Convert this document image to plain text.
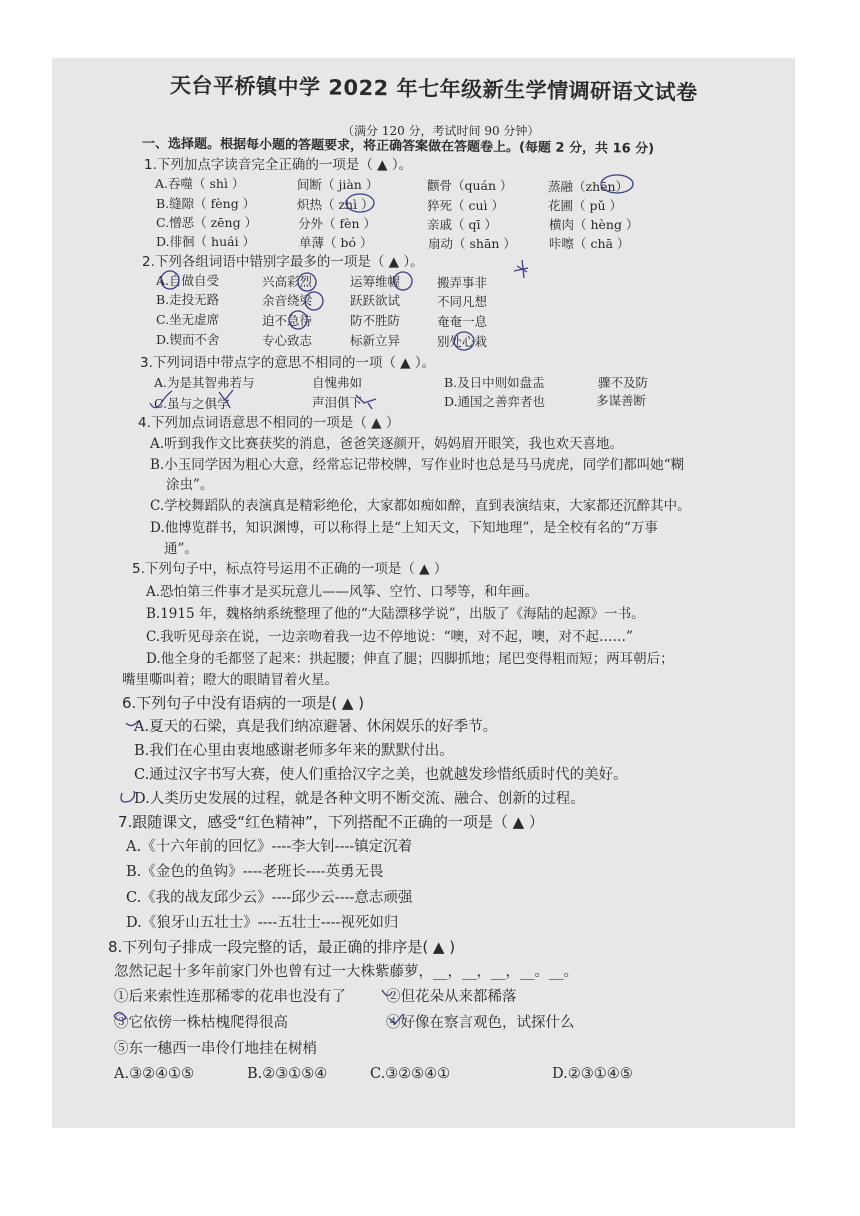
天台平桥镇中学 2022 年七年级新生学情调研语文试卷
（满分 120 分，考试时间 90 分钟）
一、选择题。根据每小题的答题要求，将正确答案做在答题卷上。(每题 2 分，共 16 分)
1.下列加点字读音完全正确的一项是（ ▲ ）。
A.吞噬（ shì ）	间断（ jiàn ）	颧骨（quán ）	蒸融（zhēn）
B.缝隙（ fèng ）	炽热（ zhì ）	猝死（ cuì ）	花圃（ pǔ ）
C.憎恶（ zēng ）	分外（ fèn ）	亲戚（ qī ）	横肉（ hèng ）
D.徘徊（ huái ）	单薄（ bó ）	扇动（ shān ）	咔嚓（ chā ）
2.下列各组词语中错别字最多的一项是（ ▲ ）。
A.自做自受	兴高彩烈	运筹维幄	搬弄事非
B.走投无路	余音绕梁	跃跃欲试	不同凡想
C.坐无虚席	迫不急待	防不胜防	奄奄一息
D.锲而不舍	专心致志	标新立异	别处心栽
3.下列词语中带点字的意思不相同的一项（ ▲ ）。
A.为是其智弗若与	自愧弗如	B.及日中则如盘盂	骤不及防
C.虽与之俱学	声泪俱下	D.通国之善弈者也	多谋善断
4.下列加点词语意思不相同的一项是（ ▲ ）
A.听到我作文比赛获奖的消息，爸爸笑逐颜开，妈妈眉开眼笑，我也欢天喜地。
B.小玉同学因为粗心大意，经常忘记带校牌，写作业时也总是马马虎虎，同学们都叫她“糊
涂虫”。
C.学校舞蹈队的表演真是精彩绝伦，大家都如痴如醉，直到表演结束，大家都还沉醉其中。
D.他博览群书，知识渊博，可以称得上是“上知天文，下知地理”，是全校有名的“万事
通”。
5.下列句子中，标点符号运用不正确的一项是（ ▲ ）
A.恐怕第三件事才是买玩意儿——风筝、空竹、口琴等，和年画。
B.1915 年，魏格纳系统整理了他的“大陆漂移学说”，出版了《海陆的起源》一书。
C.我听见母亲在说，一边亲吻着我一边不停地说：“噢，对不起，噢，对不起……”
D.他全身的毛都竖了起来：拱起腰；伸直了腿；四脚抓地；尾巴变得粗而短；两耳朝后；
嘴里嘶叫着；瞪大的眼睛冒着火星。
6.下列句子中没有语病的一项是( ▲ )
A.夏天的石梁，真是我们纳凉避暑、休闲娱乐的好季节。
B.我们在心里由衷地感谢老师多年来的默默付出。
C.通过汉字书写大赛，使人们重拾汉字之美，也就越发珍惜纸质时代的美好。
D.人类历史发展的过程，就是各种文明不断交流、融合、创新的过程。
7.跟随课文，感受“红色精神”，下列搭配不正确的一项是（ ▲ ）
A.《十六年前的回忆》----李大钊----镇定沉着
B.《金色的鱼钩》----老班长----英勇无畏
C.《我的战友邱少云》----邱少云----意志顽强
D.《狼牙山五壮士》----五壮士----视死如归
8.下列句子排成一段完整的话，最正确的排序是( ▲ )
忽然记起十多年前家门外也曾有过一大株紫藤萝，__，__，__，__。__。
①后来索性连那稀零的花串也没有了	②但花朵从来都稀落
③它依傍一株枯槐爬得很高	④好像在察言观色，试探什么
⑤东一穗西一串伶仃地挂在树梢
A.③②④①⑤	B.②③①⑤④	C.③②⑤④①	D.②③①④⑤
